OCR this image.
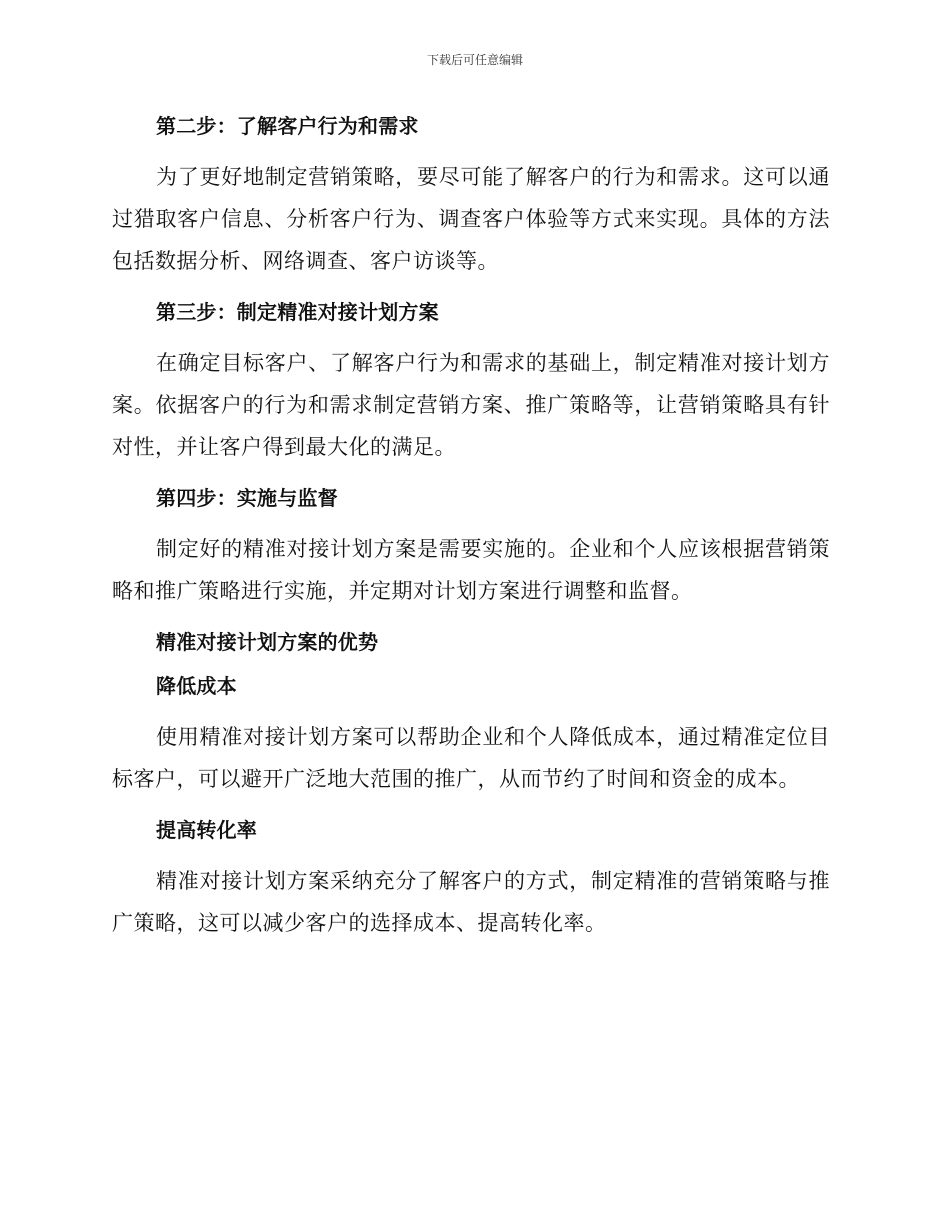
下载后可任意编辑
第二步：了解客户行为和需求

为了更好地制定营销策略，要尽可能了解客户的行为和需求。这可以通过猎取客户信息、分析客户行为、调查客户体验等方式来实现。具体的方法包括数据分析、网络调查、客户访谈等。

第三步：制定精准对接计划方案

在确定目标客户、了解客户行为和需求的基础上，制定精准对接计划方案。依据客户的行为和需求制定营销方案、推广策略等，让营销策略具有针对性，并让客户得到最大化的满足。

第四步：实施与监督

制定好的精准对接计划方案是需要实施的。企业和个人应该根据营销策略和推广策略进行实施，并定期对计划方案进行调整和监督。

精准对接计划方案的优势
降低成本

使用精准对接计划方案可以帮助企业和个人降低成本，通过精准定位目标客户，可以避开广泛地大范围的推广，从而节约了时间和资金的成本。

提高转化率

精准对接计划方案采纳充分了解客户的方式，制定精准的营销策略与推广策略，这可以减少客户的选择成本、提高转化率。
